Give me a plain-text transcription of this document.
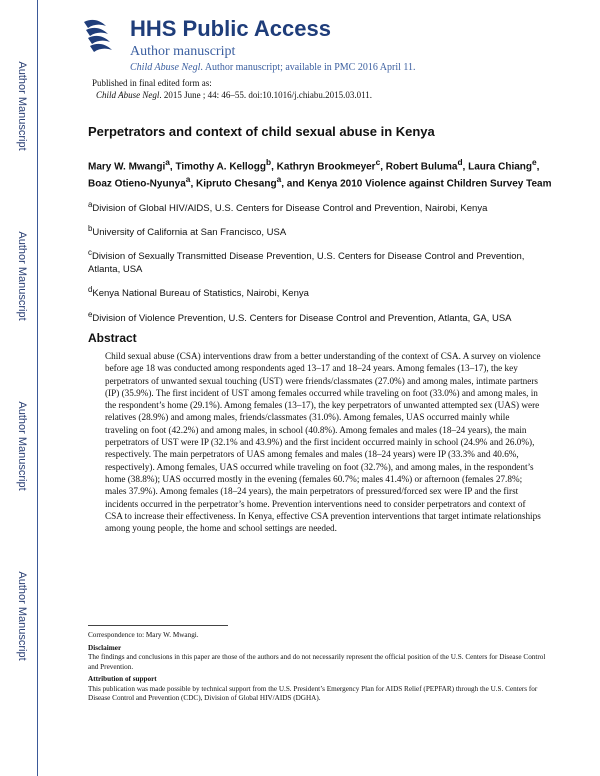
Author Manuscript
Author Manuscript
Author Manuscript
Author Manuscript
HHS Public Access
Author manuscript
Child Abuse Negl. Author manuscript; available in PMC 2016 April 11.
Published in final edited form as:
Child Abuse Negl. 2015 June ; 44: 46–55. doi:10.1016/j.chiabu.2015.03.011.
Perpetrators and context of child sexual abuse in Kenya
Mary W. Mwangi$^a$, Timothy A. Kellogg$^b$, Kathryn Brookmeyer$^c$, Robert Buluma$^d$, Laura Chiang$^e$, Boaz Otieno-Nyunya$^a$, Kipruto Chesang$^a$, and Kenya 2010 Violence against Children Survey Team

$^a$Division of Global HIV/AIDS, U.S. Centers for Disease Control and Prevention, Nairobi, Kenya

$^b$University of California at San Francisco, USA

$^c$Division of Sexually Transmitted Disease Prevention, U.S. Centers for Disease Control and Prevention, Atlanta, USA

$^d$Kenya National Bureau of Statistics, Nairobi, Kenya

$^e$Division of Violence Prevention, U.S. Centers for Disease Control and Prevention, Atlanta, GA, USA

Abstract

Child sexual abuse (CSA) interventions draw from a better understanding of the context of CSA. A survey on violence before age 18 was conducted among respondents aged 13–17 and 18–24 years. Among females (13–17), the key perpetrators of unwanted sexual touching (UST) were friends/classmates (27.0%) and among males, intimate partners (IP) (35.9%). The first incident of UST among females occurred while traveling on foot (33.0%) and among males, in the respondent’s home (29.1%). Among females (13–17), the key perpetrators of unwanted attempted sex (UAS) were relatives (28.9%) and among males, friends/classmates (31.0%). Among females, UAS occurred mainly while traveling on foot (42.2%) and among males, in school (40.8%). Among females and males (18–24 years), the main perpetrators of UST were IP (32.1% and 43.9%) and the first incident occurred mainly in school (24.9% and 26.0%), respectively. The main perpetrators of UAS among females and males (18–24 years) were IP (33.3% and 40.6%, respectively). Among females, UAS occurred while traveling on foot (32.7%), and among males, in the respondent’s home (38.8%); UAS occurred mostly in the evening (females 60.7%; males 41.4%) or afternoon (females 27.8%; males 37.9%). Among females (18–24 years), the main perpetrators of pressured/forced sex were IP and the first incidents occurred in the perpetrator’s home. Prevention interventions need to consider perpetrators and context of CSA to increase their effectiveness. In Kenya, effective CSA prevention interventions that target intimate relationships among young people, the home and school settings are needed.

Correspondence to: Mary W. Mwangi.

Disclaimer

The findings and conclusions in this paper are those of the authors and do not necessarily represent the official position of the U.S. Centers for Disease Control and Prevention.

Attribution of support

This publication was made possible by technical support from the U.S. President’s Emergency Plan for AIDS Relief (PEPFAR) through the U.S. Centers for Disease Control and Prevention (CDC), Division of Global HIV/AIDS (DGHA).
